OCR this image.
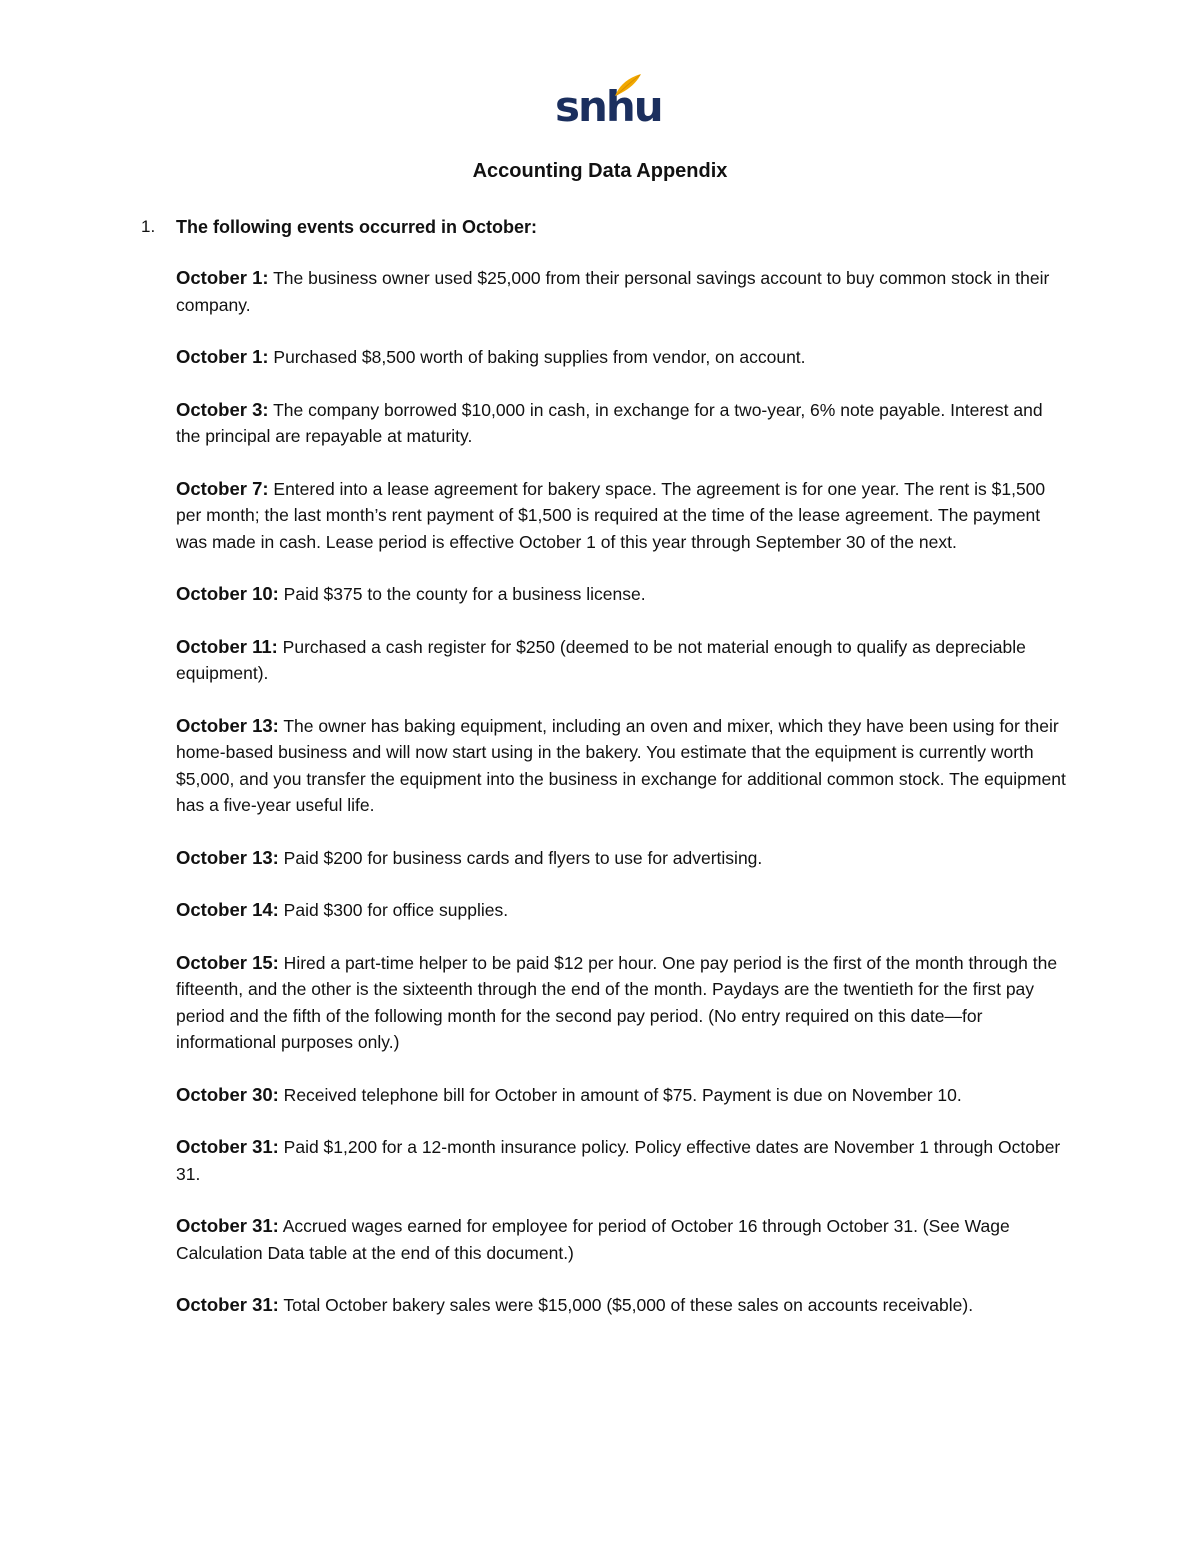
snhu
Accounting Data Appendix
1. The following events occurred in October:
October 1: The business owner used $25,000 from their personal savings account to buy common stock in their company.
October 1: Purchased $8,500 worth of baking supplies from vendor, on account.
October 3: The company borrowed $10,000 in cash, in exchange for a two-year, 6% note payable. Interest and the principal are repayable at maturity.
October 7: Entered into a lease agreement for bakery space. The agreement is for one year. The rent is $1,500 per month; the last month’s rent payment of $1,500 is required at the time of the lease agreement. The payment was made in cash. Lease period is effective October 1 of this year through September 30 of the next.
October 10: Paid $375 to the county for a business license.
October 11: Purchased a cash register for $250 (deemed to be not material enough to qualify as depreciable equipment).
October 13: The owner has baking equipment, including an oven and mixer, which they have been using for their home-based business and will now start using in the bakery. You estimate that the equipment is currently worth $5,000, and you transfer the equipment into the business in exchange for additional common stock. The equipment has a five-year useful life.
October 13: Paid $200 for business cards and flyers to use for advertising.
October 14: Paid $300 for office supplies.
October 15: Hired a part-time helper to be paid $12 per hour. One pay period is the first of the month through the fifteenth, and the other is the sixteenth through the end of the month. Paydays are the twentieth for the first pay period and the fifth of the following month for the second pay period. (No entry required on this date—for informational purposes only.)
October 30: Received telephone bill for October in amount of $75. Payment is due on November 10.
October 31: Paid $1,200 for a 12-month insurance policy. Policy effective dates are November 1 through October 31.
October 31: Accrued wages earned for employee for period of October 16 through October 31. (See Wage Calculation Data table at the end of this document.)
October 31: Total October bakery sales were $15,000 ($5,000 of these sales on accounts receivable).
